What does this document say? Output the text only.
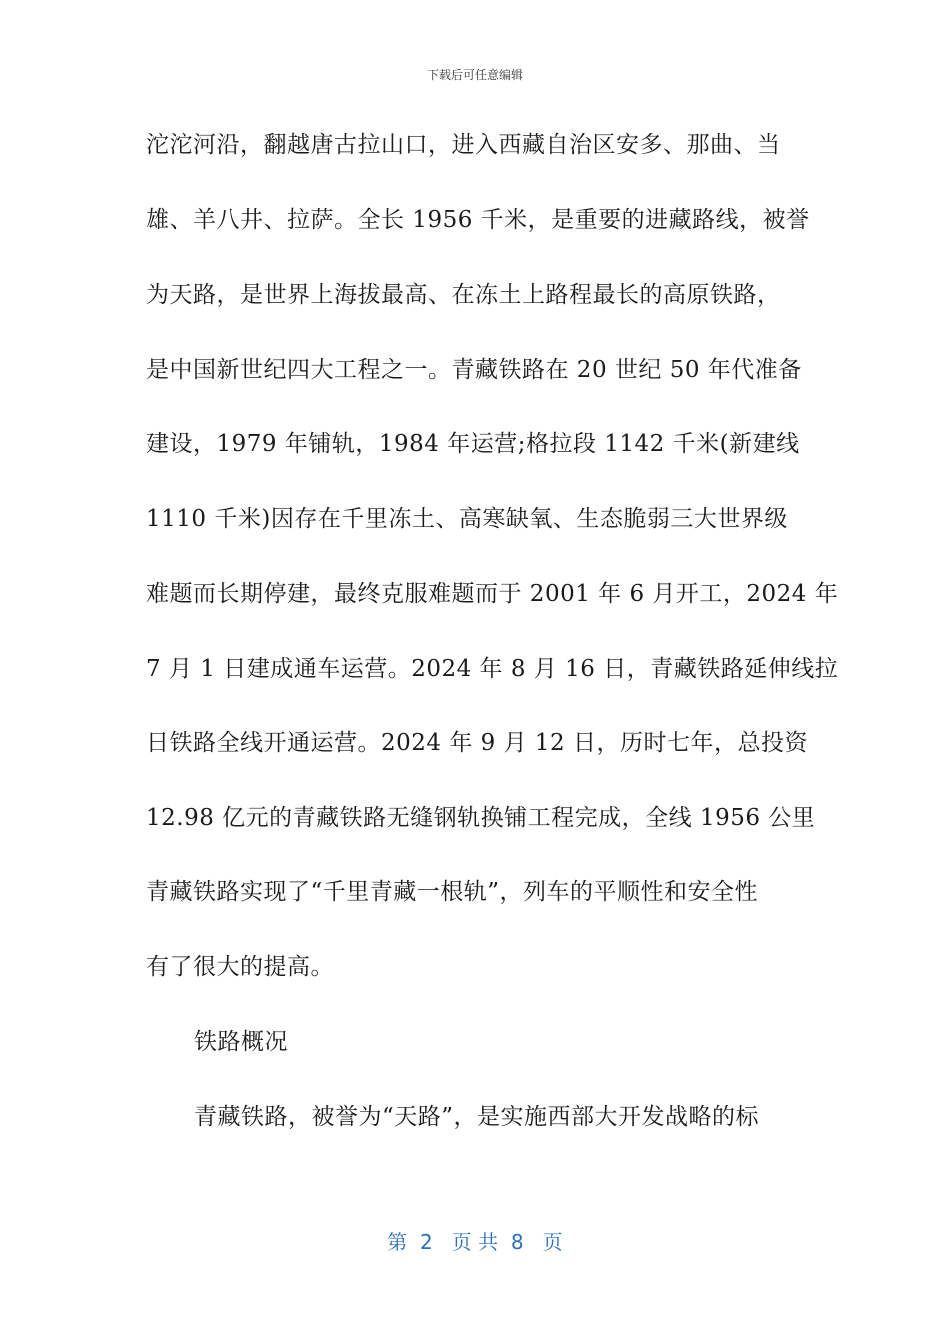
下载后可任意编辑
沱沱河沿，翻越唐古拉山口，进入西藏自治区安多、那曲、当
雄、羊八井、拉萨。全长 1956 千米，是重要的进藏路线，被誉
为天路，是世界上海拔最高、在冻土上路程最长的高原铁路，
是中国新世纪四大工程之一。青藏铁路在 20 世纪 50 年代准备
建设，1979 年铺轨，1984 年运营;格拉段 1142 千米(新建线
1110 千米)因存在千里冻土、高寒缺氧、生态脆弱三大世界级
难题而长期停建，最终克服难题而于 2001 年 6 月开工，2024 年
7 月 1 日建成通车运营。2024 年 8 月 16 日，青藏铁路延伸线拉
日铁路全线开通运营。2024 年 9 月 12 日，历时七年，总投资
12.98 亿元的青藏铁路无缝钢轨换铺工程完成，全线 1956 公里
青藏铁路实现了“千里青藏一根轨”，列车的平顺性和安全性
有了很大的提高。
铁路概况
青藏铁路，被誉为“天路”，是实施西部大开发战略的标
第  2   页 共  8   页
